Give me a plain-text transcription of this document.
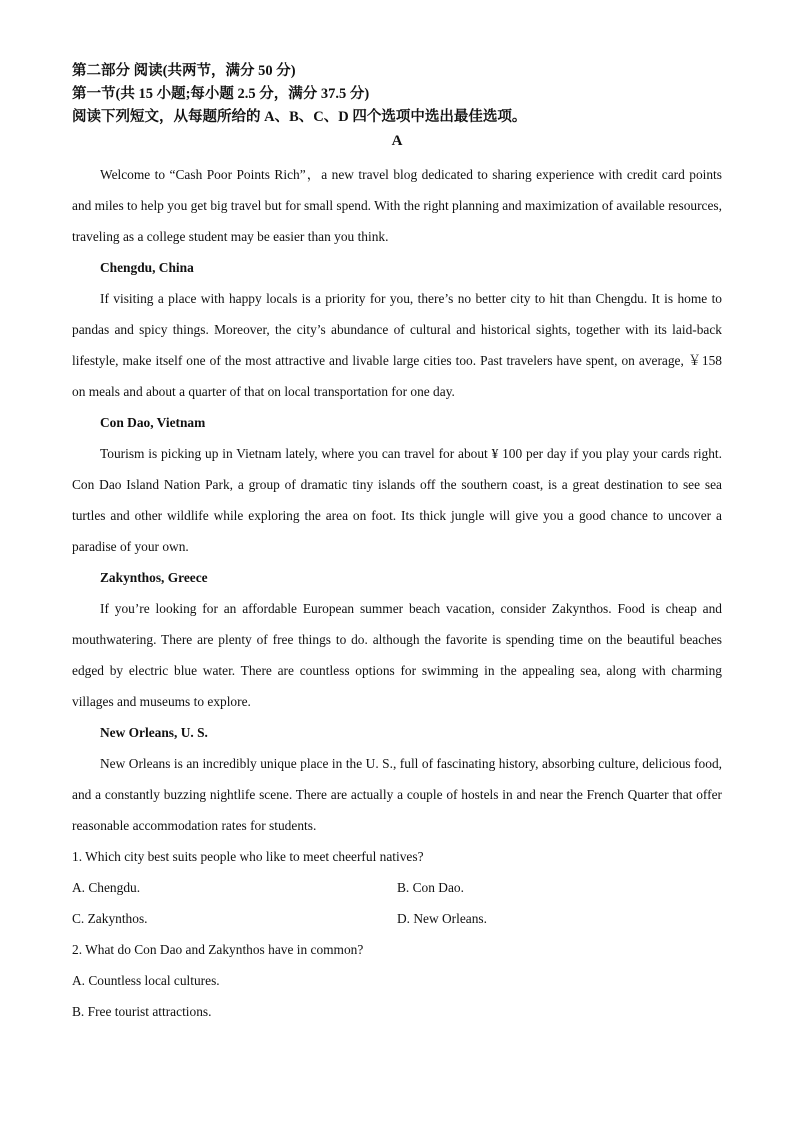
第二部分 阅读(共两节，满分 50 分)

第一节(共 15 小题;每小题 2.5 分，满分 37.5 分)

阅读下列短文，从每题所给的 A、B、C、D 四个选项中选出最佳选项。

A

Welcome to “Cash Poor Points Rich”，a new travel blog dedicated to sharing experience with credit card points and miles to help you get big travel but for small spend. With the right planning and maximization of available resources, traveling as a college student may be easier than you think.

Chengdu, China

If visiting a place with happy locals is a priority for you, there’s no better city to hit than Chengdu. It is home to pandas and spicy things. Moreover, the city’s abundance of cultural and historical sights, together with its laid-back lifestyle, make itself one of the most attractive and livable large cities too. Past travelers have spent, on average, ￥158 on meals and about a quarter of that on local transportation for one day.

Con Dao, Vietnam

Tourism is picking up in Vietnam lately, where you can travel for about ¥ 100 per day if you play your cards right. Con Dao Island Nation Park, a group of dramatic tiny islands off the southern coast, is a great destination to see sea turtles and other wildlife while exploring the area on foot. Its thick jungle will give you a good chance to uncover a paradise of your own.

Zakynthos, Greece

If you’re looking for an affordable European summer beach vacation, consider Zakynthos. Food is cheap and mouthwatering. There are plenty of free things to do. although the favorite is spending time on the beautiful beaches edged by electric blue water. There are countless options for swimming in the appealing sea, along with charming villages and museums to explore.

New Orleans, U. S.

New Orleans is an incredibly unique place in the U. S., full of fascinating history, absorbing culture, delicious food, and a constantly buzzing nightlife scene. There are actually a couple of hostels in and near the French Quarter that offer reasonable accommodation rates for students.

1. Which city best suits people who like to meet cheerful natives?

A. Chengdu.	B. Con Dao.
C. Zakynthos.	D. New Orleans.

2. What do Con Dao and Zakynthos have in common?

A. Countless local cultures.

B. Free tourist attractions.
